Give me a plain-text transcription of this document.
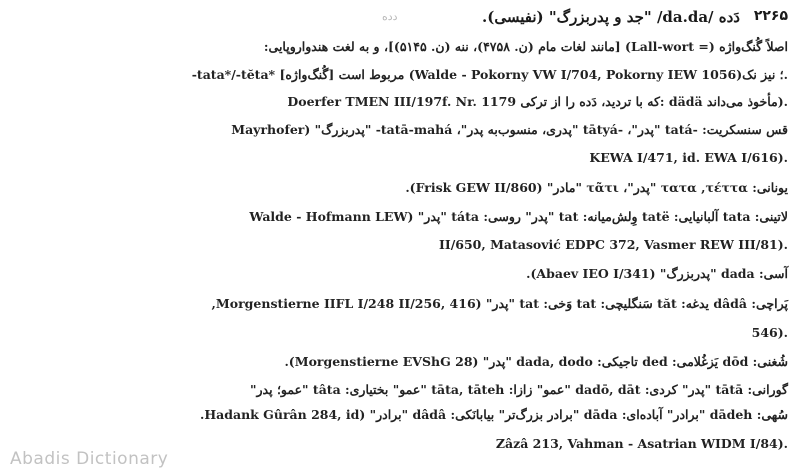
۲۲۶۵
دَده ‎/da.da/‎ "جد و پدربزرگ" (نفیسی).
دده
اصلاً گُنگ‌واژه (= Lall-wort) [مانند لغات مام (ن. ۴۷۵۸)، ننه (ن. ۵۱۴۵)]، و به لغت هندواروپایی:
-tata*/-tĕta* [گُنگ‌واژه] مربوط است (Walde - Pokorny VW I/704, Pokorny IEW 1056)؛ نیز نک.
Doerfer TMEN III/197f. Nr. 1179 که با تردید، دَده را از ترکی: dädä مأخوذ می‌داند).
قس سنسکریت: -tatá "پدر"، -tātyá "پدری، منسوب‌به پدر"، tatā-mahá- "پدربزرگ" (Mayrhofer
KEWA I/471, id. EWA I/616).
یونانی: τατα ,τέττα "پدر"، τᾶτι "مادر" (Frisk GEW II/860).
لاتینی: tata آلبانیایی: tatë وِلش‌میانه: tat "پدر" روسی: táta "پدر" (Walde - Hofmann LEW
II/650, Matasović EDPC 372, Vasmer REW III/81).
آسی: dada "پدربزرگ" (Abaev IEO I/341).
پَراچی: dâdâ یدغه: tăt سَنگلیچی: tat وَخی: tat "پدر" (Morgenstierne IIFL I/248 II/256, 416,
546).
شُغنی: dōd یَزغُلامی: ded تاجیکی: dada, dodo "پدر" (Morgenstierne EVShG 28).
گورانی: tātā "پدر" کردی: dadō, dāt "عمو" زازا: tāta, tāteh "عمو" بختیاری: tâta "عمو؛ پدر"
سُهی: dādeh "برادر" آباده‌ای: dāda "برادر بزرگ‌تر" بیابانَکی: dâdâ "برادر" (Hadank Gûrân 284, id.
Zâzâ 213, Vahman - Asatrian WIDM I/84).
Abadis Dictionary
